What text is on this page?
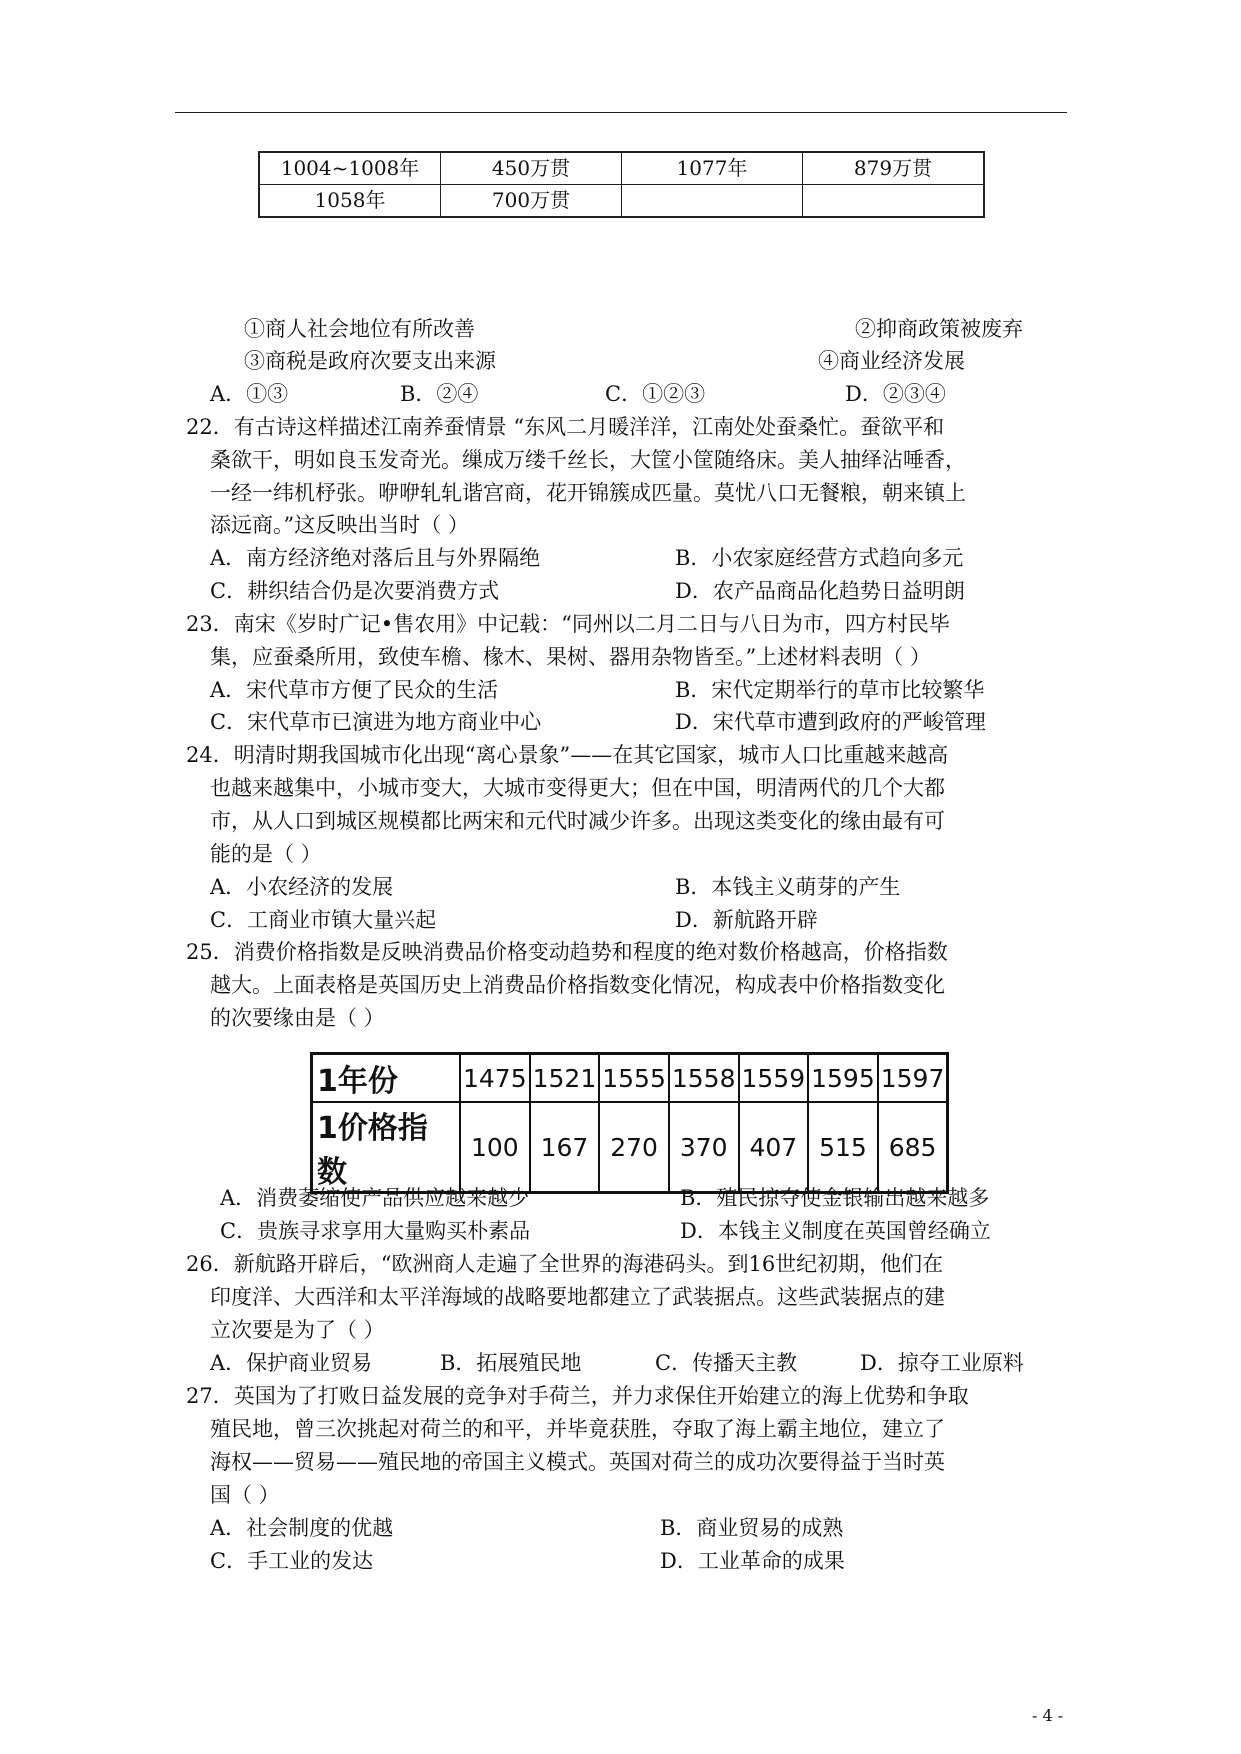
1004~1008年	450万贯	1077年	879万贯
1058年	700万贯		
①商人社会地位有所改善	②抑商政策被废弃
③商税是政府次要支出来源	④商业经济发展
A．①③	B．②④	C．①②③	D．②③④
22．有古诗这样描述江南养蚕情景 “东风二月暖洋洋，江南处处蚕桑忙。蚕欲平和
桑欲干，明如良玉发奇光。缫成万缕千丝长，大筐小筐随络床。美人抽绎沾唾香，
一经一纬机杼张。咿咿轧轧谐宫商，花开锦簇成匹量。莫忧八口无餐粮，朝来镇上
添远商。”这反映出当时（ ）
A．南方经济绝对落后且与外界隔绝	B．小农家庭经营方式趋向多元
C．耕织结合仍是次要消费方式	D．农产品商品化趋势日益明朗
23．南宋《岁时广记•售农用》中记载：“同州以二月二日与八日为市，四方村民毕
集，应蚕桑所用，致使车檐、椽木、果树、器用杂物皆至。”上述材料表明（ ）
A．宋代草市方便了民众的生活	B．宋代定期举行的草市比较繁华
C．宋代草市已演进为地方商业中心	D．宋代草市遭到政府的严峻管理
24．明清时期我国城市化出现“离心景象”——在其它国家，城市人口比重越来越高
也越来越集中，小城市变大，大城市变得更大；但在中国，明清两代的几个大都
市，从人口到城区规模都比两宋和元代时减少许多。出现这类变化的缘由最有可
能的是（ ）
A．小农经济的发展	B．本钱主义萌芽的产生
C．工商业市镇大量兴起	D．新航路开辟
25．消费价格指数是反映消费品价格变动趋势和程度的绝对数价格越高，价格指数
越大。上面表格是英国历史上消费品价格指数变化情况，构成表中价格指数变化
的次要缘由是（ ）
1年份	1475	1521	1555	1558	1559	1595	1597
1价格指数	100	167	270	370	407	515	685
A．消费萎缩使产品供应越来越少	B．殖民掠夺使金银输出越来越多
C．贵族寻求享用大量购买朴素品	D．本钱主义制度在英国曾经确立
26．新航路开辟后，“欧洲商人走遍了全世界的海港码头。到16世纪初期，他们在
印度洋、大西洋和太平洋海域的战略要地都建立了武装据点。这些武装据点的建
立次要是为了（ ）
A．保护商业贸易	B．拓展殖民地	C．传播天主教	D．掠夺工业原料
27．英国为了打败日益发展的竞争对手荷兰，并力求保住开始建立的海上优势和争取
殖民地，曾三次挑起对荷兰的和平，并毕竟获胜，夺取了海上霸主地位，建立了
海权——贸易——殖民地的帝国主义模式。英国对荷兰的成功次要得益于当时英
国（ ）
A．社会制度的优越	B．商业贸易的成熟
C．手工业的发达	D．工业革命的成果
- 4 -
